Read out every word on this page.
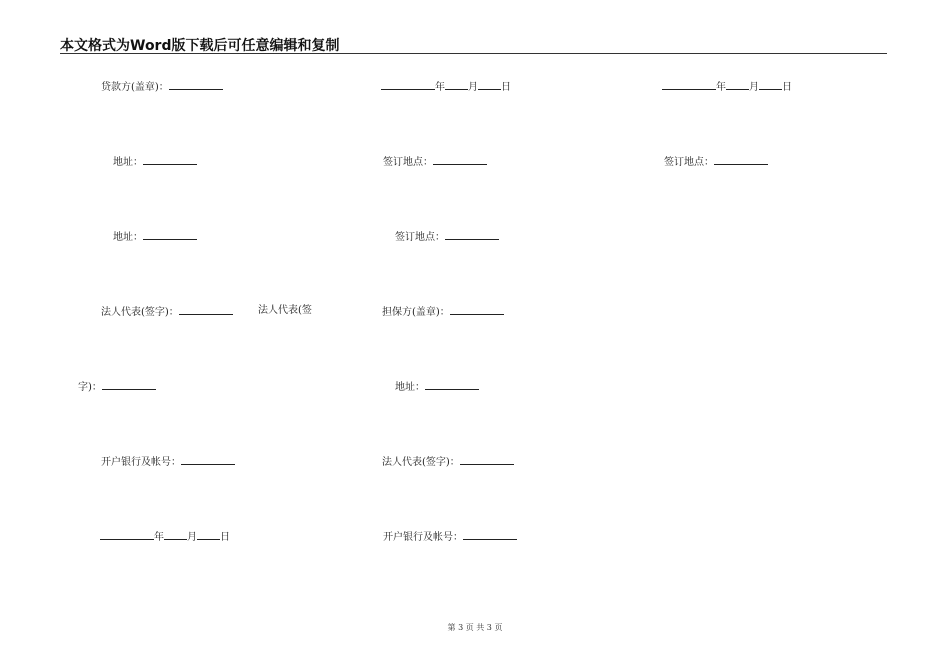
本文格式为Word版下载后可任意编辑和复制
贷款方(盖章)：	年 月 日	年 月 日
地址：	签订地点：	签订地点：
地址：	签订地点：
法人代表(签字)：	法人代表(签	担保方(盖章)：
字)：	地址：
开户银行及帐号：	法人代表(签字)：
年 月 日	开户银行及帐号：
第 3 页 共 3 页
